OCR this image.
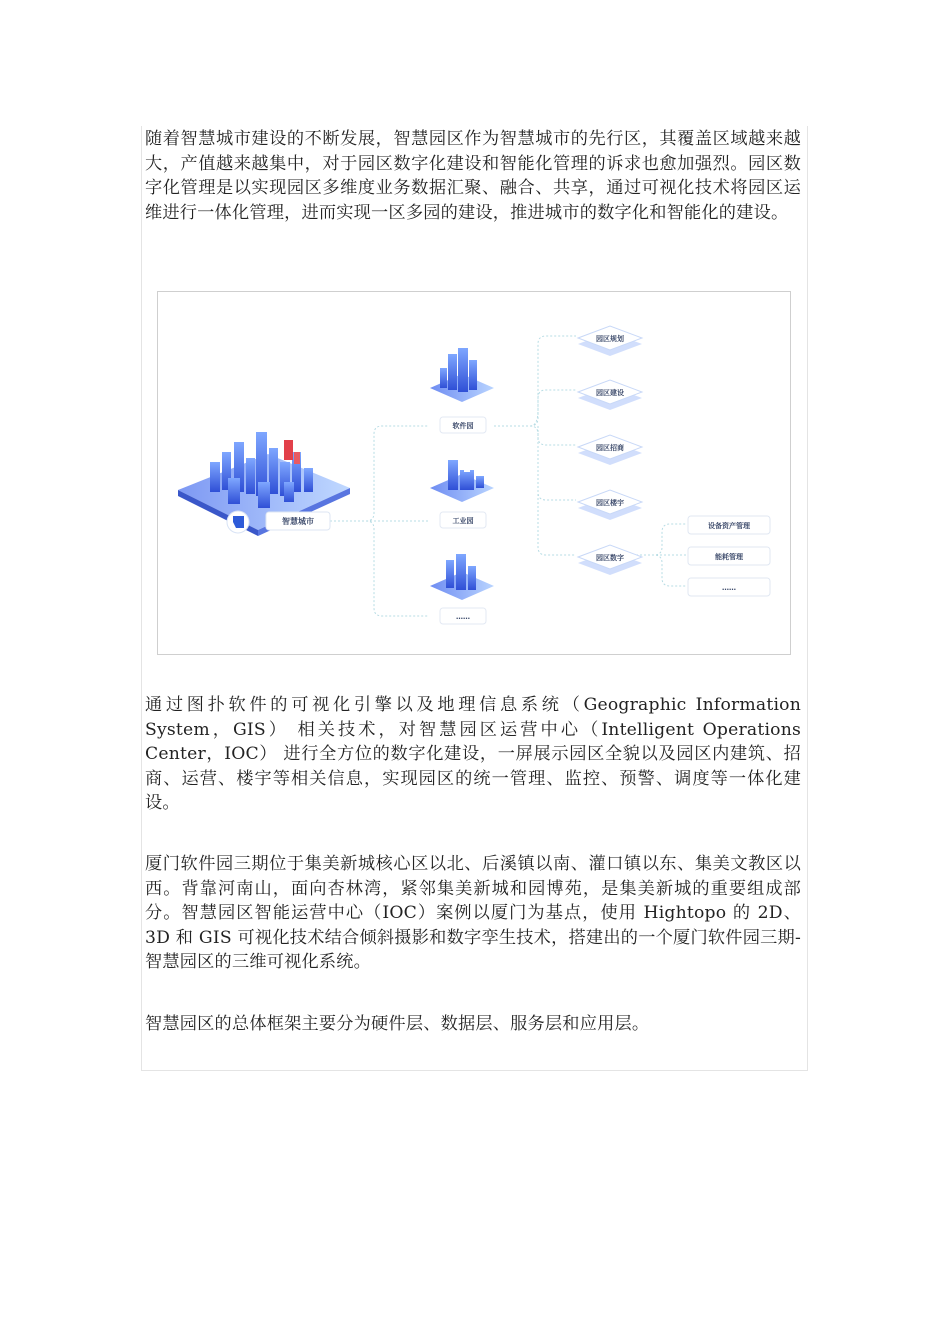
随着智慧城市建设的不断发展，智慧园区作为智慧城市的先行区，其覆盖区域越来越大，产值越来越集中，对于园区数字化建设和智能化管理的诉求也愈加强烈。园区数字化管理是以实现园区多维度业务数据汇聚、融合、共享，通过可视化技术将园区运维进行一体化管理，进而实现一区多园的建设，推进城市的数字化和智能化的建设。

智慧城市
软件园
工业园
……
园区规划
园区建设
园区招商
园区楼宇
园区数字
设备资产管理
能耗管理
……

通过图扑软件的可视化引擎以及地理信息系统（Geographic Information System，GIS） 相关技术，对智慧园区运营中心（Intelligent Operations Center，IOC） 进行全方位的数字化建设，一屏展示园区全貌以及园区内建筑、招商、运营、楼宇等相关信息，实现园区的统一管理、监控、预警、调度等一体化建设。

厦门软件园三期位于集美新城核心区以北、后溪镇以南、灌口镇以东、集美文教区以西。背靠河南山，面向杏林湾，紧邻集美新城和园博苑，是集美新城的重要组成部分。智慧园区智能运营中心（IOC）案例以厦门为基点，使用 Hightopo 的 2D、 3D 和 GIS 可视化技术结合倾斜摄影和数字孪生技术，搭建出的一个厦门软件园三期-智慧园区的三维可视化系统。

智慧园区的总体框架主要分为硬件层、数据层、服务层和应用层。
